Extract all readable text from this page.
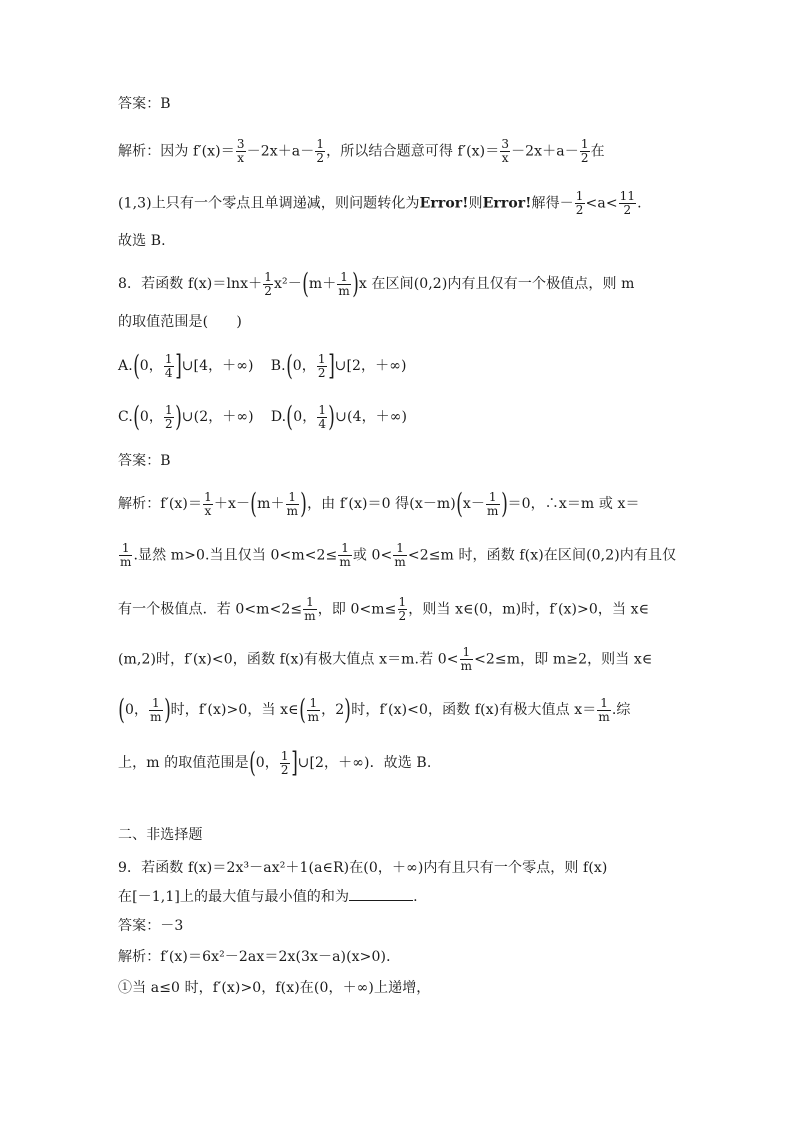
答案：B
解析：因为 $f'(x)= \frac{3}{x} -2x+a- \frac{1}{2}$ ，所以结合题意可得 $f'(x)= \frac{3}{x} -2x+a- \frac{1}{2}$ 在
(1,3)上只有一个零点且单调递减，则问题转化为Error!则Error!解得－ $\frac{1}{2} <a< \frac{11}{2}$ .
故选 B.
8．若函数 $f(x)=\ln x+ \frac{1}{2} x^2-(m+ \frac{1}{m} )x$ 在区间(0,2)内有且仅有一个极值点，则 m
的取值范围是(　　)
A.(0， $\frac{1}{4}$ ]∪[4，＋∞) B.(0， $\frac{1}{2}$ ]∪[2，＋∞)
C.(0， $\frac{1}{2}$ )∪(2，＋∞) D.(0， $\frac{1}{4}$ )∪(4，＋∞)
答案：B
解析：$f'(x)= \frac{1}{x} +x-(m+ \frac{1}{m}$ )，由 f′(x)＝0 得$(x-m)(x- \frac{1}{m} )=0$，∴x＝m 或 x＝
$\frac{1}{m}$ .显然 m>0.当且仅当 $0<m<2\le \frac{1}{m}$ 或 $0< \frac{1}{m} <2\le m$ 时，函数 f(x)在区间(0,2)内有且仅
有一个极值点．若 $0<m<2\le \frac{1}{m}$ ，即 $0<m\le \frac{1}{2}$ ，则当 x∈(0，m)时，f′(x)>0，当 x∈
(m,2)时，f′(x)<0，函数 f(x)有极大值点 x＝m.若 $0< \frac{1}{m} <2\le m$，即 m≥2，则当 x∈
(0， $\frac{1}{m}$ )时，f′(x)>0，当 x∈( $\frac{1}{m}$ ，2)时，f′(x)<0，函数 f(x)有极大值点 $x= \frac{1}{m}$ .综
上，m 的取值范围是(0， $\frac{1}{2}$ ]∪[2，＋∞)．故选 B.
二、非选择题
9．若函数 f(x)＝2x³－ax²＋1(a∈R)在(0，＋∞)内有且只有一个零点，则 f(x)
在[－1,1]上的最大值与最小值的和为	.
答案：－3
解析：f′(x)＝6x²－2ax＝2x(3x－a)(x>0)．
①当 a≤0 时，f′(x)>0，f(x)在(0，＋∞)上递增，
